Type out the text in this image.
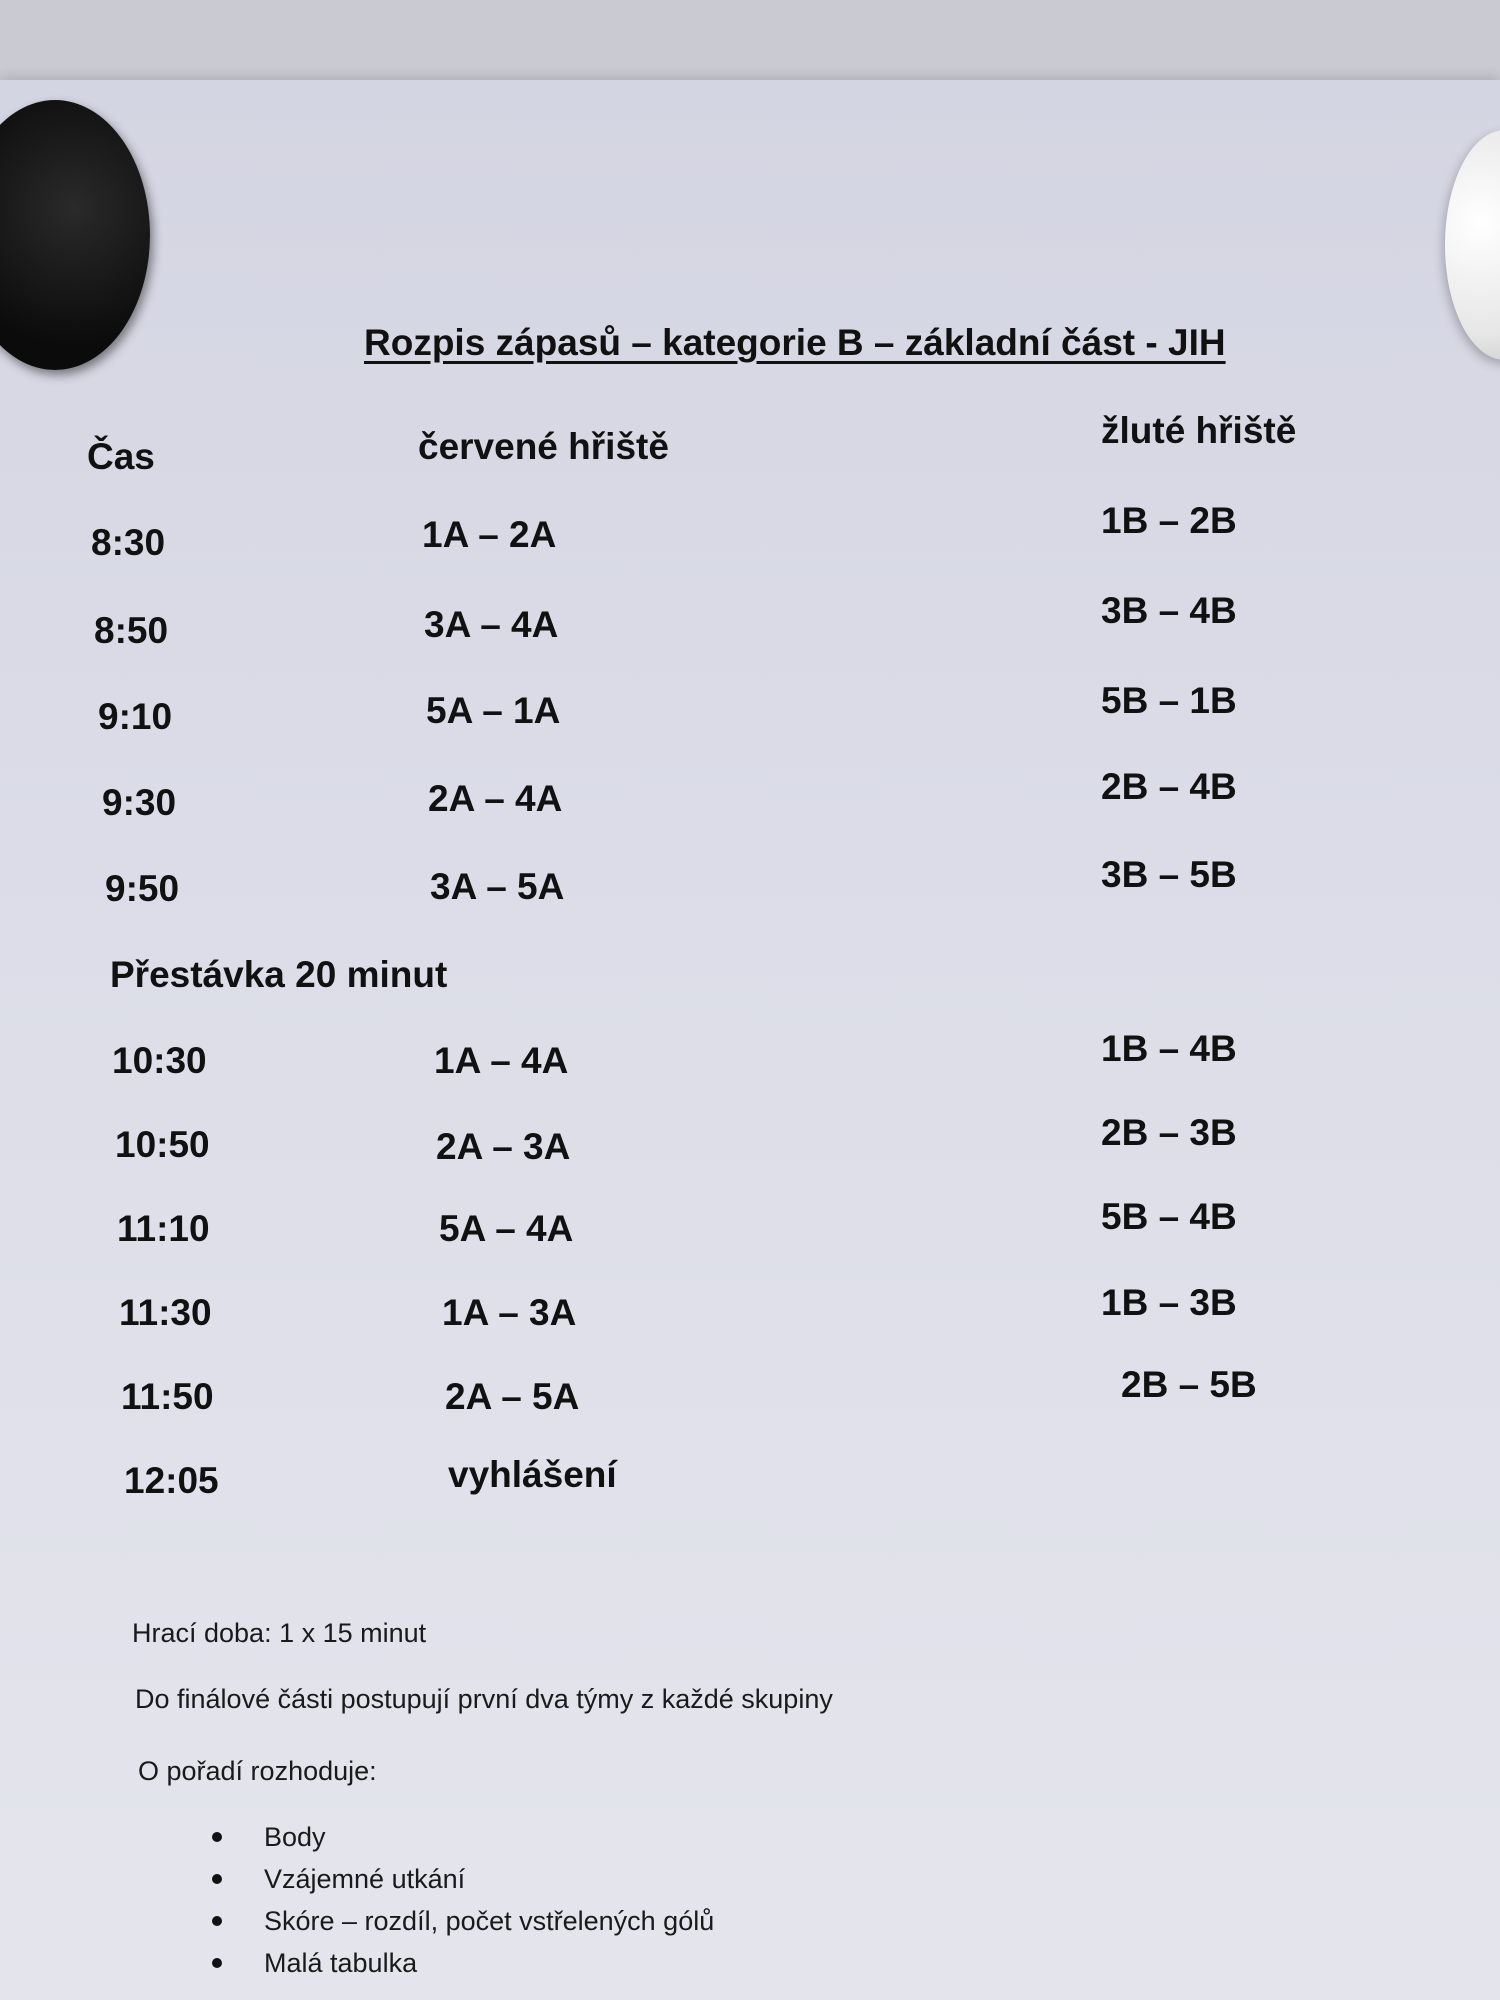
Rozpis zápasů – kategorie B – základní část - JIH
Čas	červené hřiště	žluté hřiště
8:30	1A – 2A	1B – 2B
8:50	3A – 4A	3B – 4B
9:10	5A – 1A	5B – 1B
9:30	2A – 4A	2B – 4B
9:50	3A – 5A	3B – 5B
Přestávka 20 minut
10:30	1A – 4A	1B – 4B
10:50	2A – 3A	2B – 3B
11:10	5A – 4A	5B – 4B
11:30	1A – 3A	1B – 3B
11:50	2A – 5A	2B – 5B
12:05	vyhlášení
Hrací doba: 1 x 15 minut
Do finálové části postupují první dva týmy z každé skupiny
O pořadí rozhoduje:
Body
Vzájemné utkání
Skóre – rozdíl, počet vstřelených gólů
Malá tabulka
